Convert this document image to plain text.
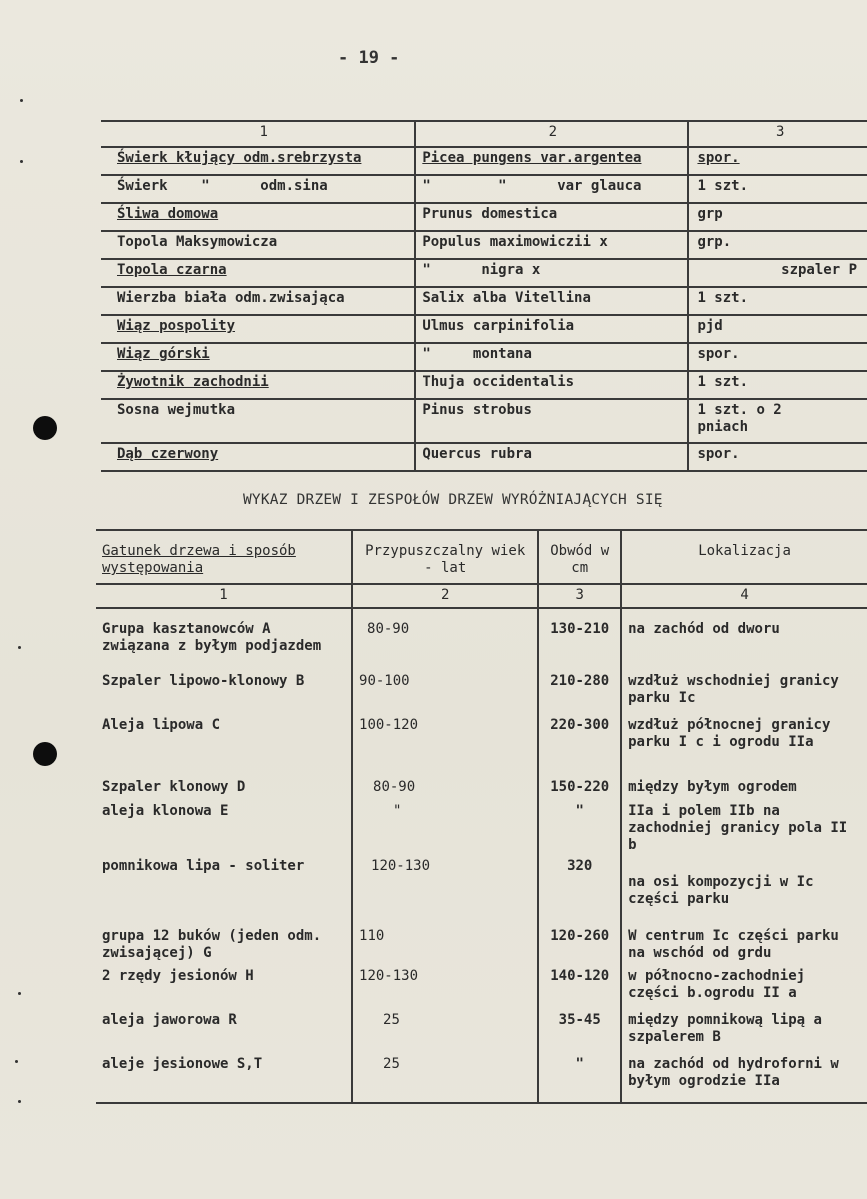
- 19 -
1	2	3
Świerk kłujący odm.srebrzysta	Picea pungens var.argentea	spor.
Świerk    "      odm.sina	"        "      var glauca	1 szt.
Śliwa domowa	Prunus domestica	grp
Topola Maksymowicza	Populus maximowiczii x	grp.
Topola czarna	"      nigra x	szpaler P
Wierzba biała odm.zwisająca	Salix alba Vitellina	1 szt.
Wiąz pospolity	Ulmus carpinifolia	pjd
Wiąz górski	"     montana	spor.
Żywotnik zachodnii	Thuja occidentalis	1 szt.
Sosna wejmutka	Pinus strobus	1 szt. o 2 pniach
Dąb czerwony	Quercus rubra	spor.
WYKAZ DRZEW I ZESPOŁÓW DRZEW WYRÓŻNIAJĄCYCH SIĘ
Gatunek drzewa i sposób występowania	Przypuszczalny wiek - lat	Obwód w cm	Lokalizacja
1	2	3	4
Grupa kasztanowców A związana z byłym podjazdem	80-90	130-210	na zachód od dworu
Szpaler lipowo-klonowy B	90-100	210-280	wzdłuż wschodniej granicy parku Ic
Aleja lipowa C	100-120	220-300	wzdłuż północnej granicy parku I c i ogrodu IIa
Szpaler klonowy D	80-90	150-220	między byłym ogrodem
aleja klonowa E	"	"	IIa i polem IIb na zachodniej granicy pola II b
pomnikowa lipa - soliter	120-130	320	na osi kompozycji w Ic części parku
grupa 12 buków (jeden odm. zwisającej) G	110	120-260	W centrum Ic części parku na wschód od grdu
2 rzędy jesionów H	120-130	140-120	w północno-zachodniej części b.ogrodu II a
aleja jaworowa R	25	35-45	między pomnikową lipą a szpalerem B
aleje jesionowe S,T	25	"	na zachód od hydroforni w byłym ogrodzie IIa
